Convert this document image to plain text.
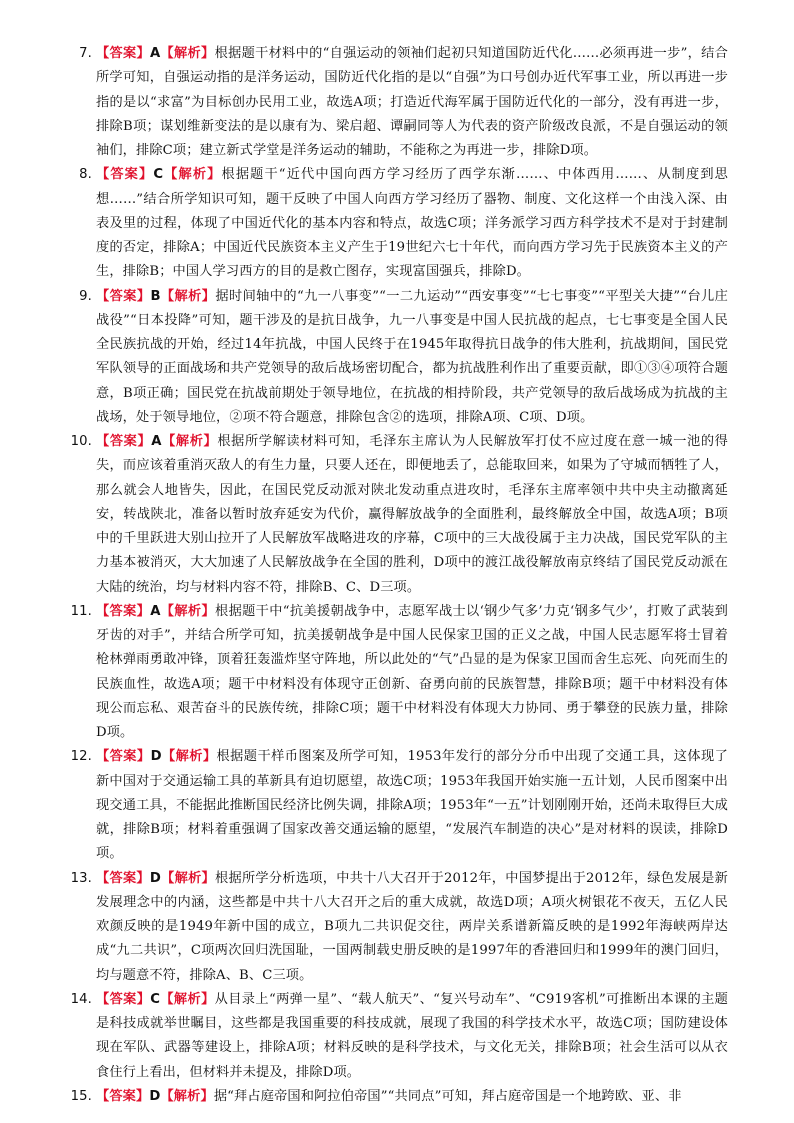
7. 【答案】A【解析】根据题干材料中的“自强运动的领袖们起初只知道国防近代化……必须再进一步”，结合所学可知，自强运动指的是洋务运动，国防近代化指的是以“自强”为口号创办近代军事工业，所以再进一步指的是以“求富”为目标创办民用工业，故选A项；打造近代海军属于国防近代化的一部分，没有再进一步，排除B项；谋划维新变法的是以康有为、梁启超、谭嗣同等人为代表的资产阶级改良派，不是自强运动的领袖们，排除C项；建立新式学堂是洋务运动的辅助，不能称之为再进一步，排除D项。

8. 【答案】C【解析】根据题干“近代中国向西方学习经历了西学东渐……、中体西用……、从制度到思想……”结合所学知识可知，题干反映了中国人向西方学习经历了器物、制度、文化这样一个由浅入深、由表及里的过程，体现了中国近代化的基本内容和特点，故选C项；洋务派学习西方科学技术不是对于封建制度的否定，排除A；中国近代民族资本主义产生于19世纪六七十年代，而向西方学习先于民族资本主义的产生，排除B；中国人学习西方的目的是救亡图存，实现富国强兵，排除D。

9. 【答案】B【解析】据时间轴中的“九一八事变”“一二九运动”“西安事变”“七七事变”“平型关大捷”“台儿庄战役”“日本投降”可知，题干涉及的是抗日战争，九一八事变是中国人民抗战的起点，七七事变是全国人民全民族抗战的开始，经过14年抗战，中国人民终于在1945年取得抗日战争的伟大胜利，抗战期间，国民党军队领导的正面战场和共产党领导的敌后战场密切配合，都为抗战胜利作出了重要贡献，即①③④项符合题意，B项正确；国民党在抗战前期处于领导地位，在抗战的相持阶段，共产党领导的敌后战场成为抗战的主战场，处于领导地位，②项不符合题意，排除包含②的选项，排除A项、C项、D项。

10. 【答案】A【解析】根据所学解读材料可知，毛泽东主席认为人民解放军打仗不应过度在意一城一池的得失，而应该着重消灭敌人的有生力量，只要人还在，即便地丢了，总能取回来，如果为了守城而牺牲了人，那么就会人地皆失，因此，在国民党反动派对陕北发动重点进攻时，毛泽东主席率领中共中央主动撤离延安，转战陕北，准备以暂时放弃延安为代价，赢得解放战争的全面胜利，最终解放全中国，故选A项；B项中的千里跃进大别山拉开了人民解放军战略进攻的序幕，C项中的三大战役属于主力决战，国民党军队的主力基本被消灭，大大加速了人民解放战争在全国的胜利，D项中的渡江战役解放南京终结了国民党反动派在大陆的统治，均与材料内容不符，排除B、C、D三项。

11. 【答案】A【解析】根据题干中“抗美援朝战争中，志愿军战士以‘钢少气多’力克‘钢多气少’，打败了武装到牙齿的对手”，并结合所学可知，抗美援朝战争是中国人民保家卫国的正义之战，中国人民志愿军将士冒着枪林弹雨勇敢冲锋，顶着狂轰滥炸坚守阵地，所以此处的“气”凸显的是为保家卫国而舍生忘死、向死而生的民族血性，故选A项；题干中材料没有体现守正创新、奋勇向前的民族智慧，排除B项；题干中材料没有体现公而忘私、艰苦奋斗的民族传统，排除C项；题干中材料没有体现大力协同、勇于攀登的民族力量，排除D项。

12. 【答案】D【解析】根据题干样币图案及所学可知，1953年发行的部分分币中出现了交通工具，这体现了新中国对于交通运输工具的革新具有迫切愿望，故选C项；1953年我国开始实施一五计划，人民币图案中出现交通工具，不能据此推断国民经济比例失调，排除A项；1953年“一五”计划刚刚开始，还尚未取得巨大成就，排除B项；材料着重强调了国家改善交通运输的愿望，“发展汽车制造的决心”是对材料的误读，排除D项。

13. 【答案】D【解析】根据所学分析选项，中共十八大召开于2012年，中国梦提出于2012年，绿色发展是新发展理念中的内涵，这些都是中共十八大召开之后的重大成就，故选D项；A项火树银花不夜天，五亿人民欢颜反映的是1949年新中国的成立，B项九二共识促交往，两岸关系谱新篇反映的是1992年海峡两岸达成“九二共识”，C项两次回归洗国耻，一国两制载史册反映的是1997年的香港回归和1999年的澳门回归，均与题意不符，排除A、B、C三项。

14. 【答案】C【解析】从目录上“两弹一星”、“载人航天”、“复兴号动车”、“C919客机”可推断出本课的主题是科技成就举世瞩目，这些都是我国重要的科技成就，展现了我国的科学技术水平，故选C项；国防建设体现在军队、武器等建设上，排除A项；材料反映的是科学技术，与文化无关，排除B项；社会生活可以从衣食住行上看出，但材料并未提及，排除D项。

15. 【答案】D【解析】据“拜占庭帝国和阿拉伯帝国”“共同点”可知，拜占庭帝国是一个地跨欧、亚、非
